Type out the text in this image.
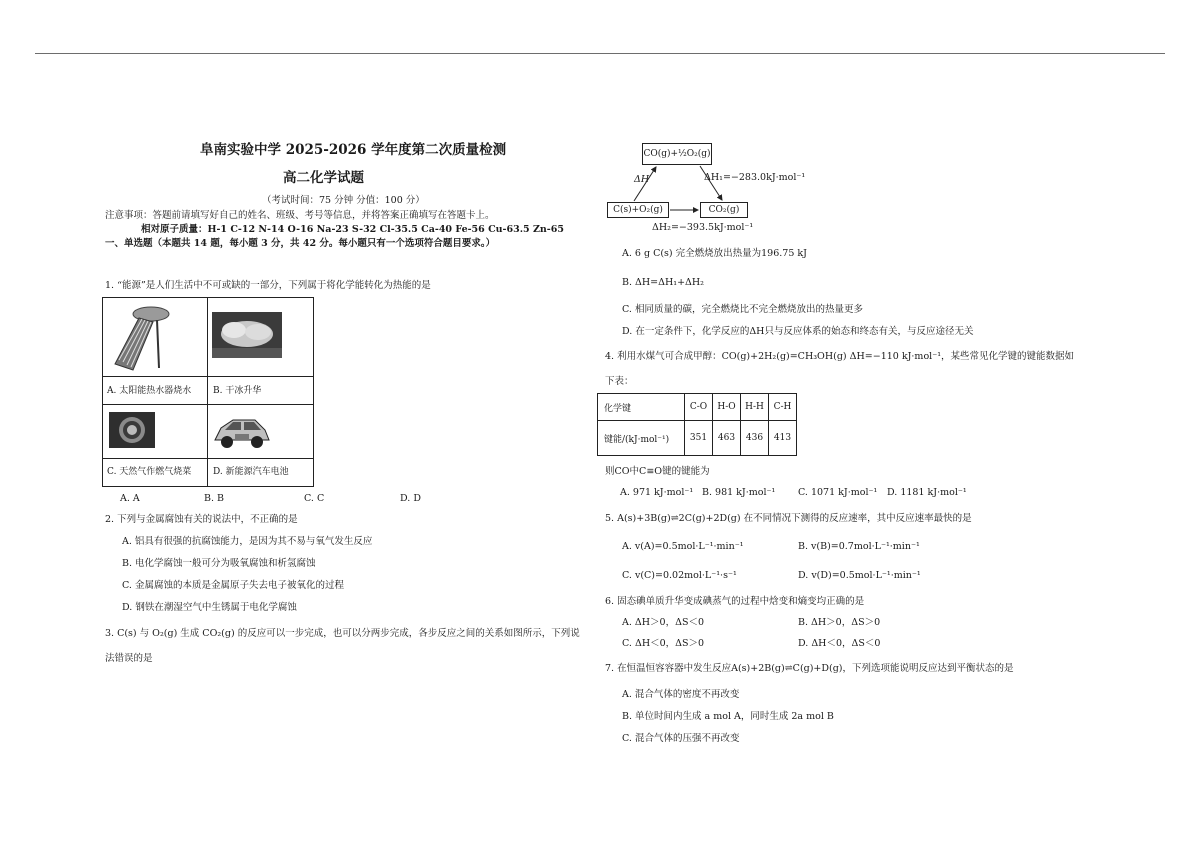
阜南实验中学 2025-2026 学年度第二次质量检测
高二化学试题
（考试时间：75 分钟 分值：100 分）
注意事项：答题前请填写好自己的姓名、班级、考号等信息，并将答案正确填写在答题卡上。
相对原子质量：H-1 C-12 N-14 O-16 Na-23 S-32 Cl-35.5 Ca-40 Fe-56 Cu-63.5 Zn-65
一、单选题（本题共 14 题，每小题 3 分，共 42 分。每小题只有一个选项符合题目要求。）
1. “能源”是人们生活中不可或缺的一部分，下列属于将化学能转化为热能的是
A. 太阳能热水器烧水 B. 干冰升华
C. 天然气作燃气烧菜 D. 新能源汽车电池
A. A	B. B	C. C	D. D
2. 下列与金属腐蚀有关的说法中，不正确的是
A. 铝具有很强的抗腐蚀能力，是因为其不易与氧气发生反应
B. 电化学腐蚀一般可分为吸氧腐蚀和析氢腐蚀
C. 金属腐蚀的本质是金属原子失去电子被氧化的过程
D. 钢铁在潮湿空气中生锈属于电化学腐蚀
3. C(s) 与 O₂(g) 生成 CO₂(g) 的反应可以一步完成，也可以分两步完成，各步反应之间的关系如图所示，下列说
法错误的是
CO(g)+½O₂(g)
C(s)+O₂(g)	CO₂(g)
ΔH	ΔH₁=−283.0kJ·mol⁻¹
ΔH₂=−393.5kJ·mol⁻¹
A. 6 g C(s) 完全燃烧放出热量为196.75 kJ
B. ΔH=ΔH₁+ΔH₂
C. 相同质量的碳，完全燃烧比不完全燃烧放出的热量更多
D. 在一定条件下，化学反应的ΔH只与反应体系的始态和终态有关，与反应途径无关
4. 利用水煤气可合成甲醇：CO(g)+2H₂(g)=CH₃OH(g) ΔH=−110 kJ·mol⁻¹，某些常见化学键的键能数据如
下表：
化学键	C-O	H-O	H-H	C-H
键能/(kJ·mol⁻¹)	351	463	436	413
则CO中C≡O键的键能为
A. 971 kJ·mol⁻¹ B. 981 kJ·mol⁻¹ C. 1071 kJ·mol⁻¹ D. 1181 kJ·mol⁻¹
5. A(s)+3B(g)⇌2C(g)+2D(g) 在不同情况下测得的反应速率，其中反应速率最快的是
A. v(A)=0.5mol·L⁻¹·min⁻¹	B. v(B)=0.7mol·L⁻¹·min⁻¹
C. v(C)=0.02mol·L⁻¹·s⁻¹	D. v(D)=0.5mol·L⁻¹·min⁻¹
6. 固态碘单质升华变成碘蒸气的过程中焓变和熵变均正确的是
A. ΔH＞0，ΔS＜0	B. ΔH＞0，ΔS＞0
C. ΔH＜0，ΔS＞0	D. ΔH＜0，ΔS＜0
7. 在恒温恒容容器中发生反应A(s)+2B(g)⇌C(g)+D(g)，下列选项能说明反应达到平衡状态的是
A. 混合气体的密度不再改变
B. 单位时间内生成 a mol A，同时生成 2a mol B
C. 混合气体的压强不再改变
